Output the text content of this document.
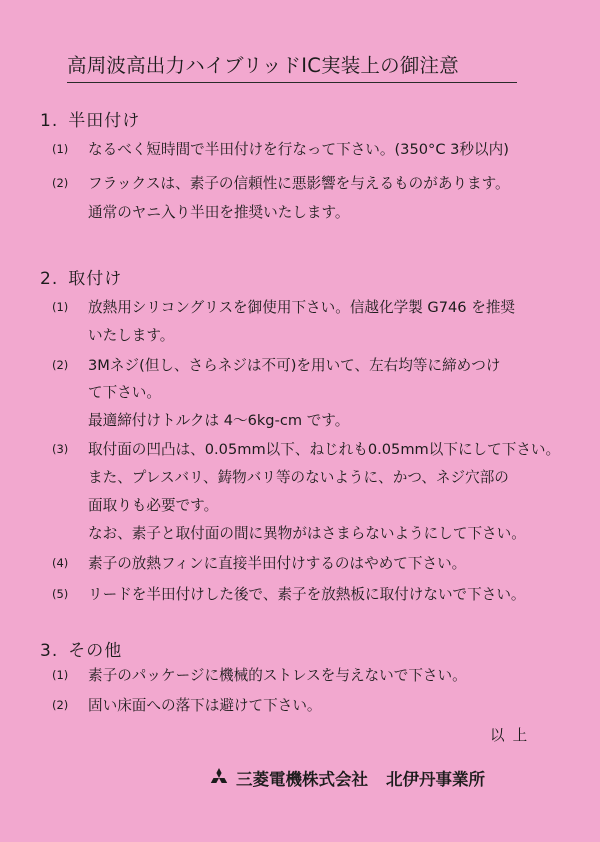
高周波高出力ハイブリッドIC実装上の御注意
1. 半田付け
(1) なるべく短時間で半田付けを行なって下さい。(350°C 3秒以内)
(2) フラックスは、素子の信頼性に悪影響を与えるものがあります。
通常のヤニ入り半田を推奨いたします。
2. 取付け
(1) 放熱用シリコングリスを御使用下さい。信越化学製 G746 を推奨
いたします。
(2) 3Mネジ(但し、さらネジは不可)を用いて、左右均等に締めつけ
て下さい。
最適締付けトルクは 4～6kg-cm です。
(3) 取付面の凹凸は、0.05mm以下、ねじれも0.05mm以下にして下さい。
また、プレスバリ、鋳物バリ等のないように、かつ、ネジ穴部の
面取りも必要です。
なお、素子と取付面の間に異物がはさまらないようにして下さい。
(4) 素子の放熱フィンに直接半田付けするのはやめて下さい。
(5) リードを半田付けした後で、素子を放熱板に取付けないで下さい。
3. その他
(1) 素子のパッケージに機械的ストレスを与えないで下さい。
(2) 固い床面への落下は避けて下さい。
以上
三菱電機株式会社 北伊丹事業所
